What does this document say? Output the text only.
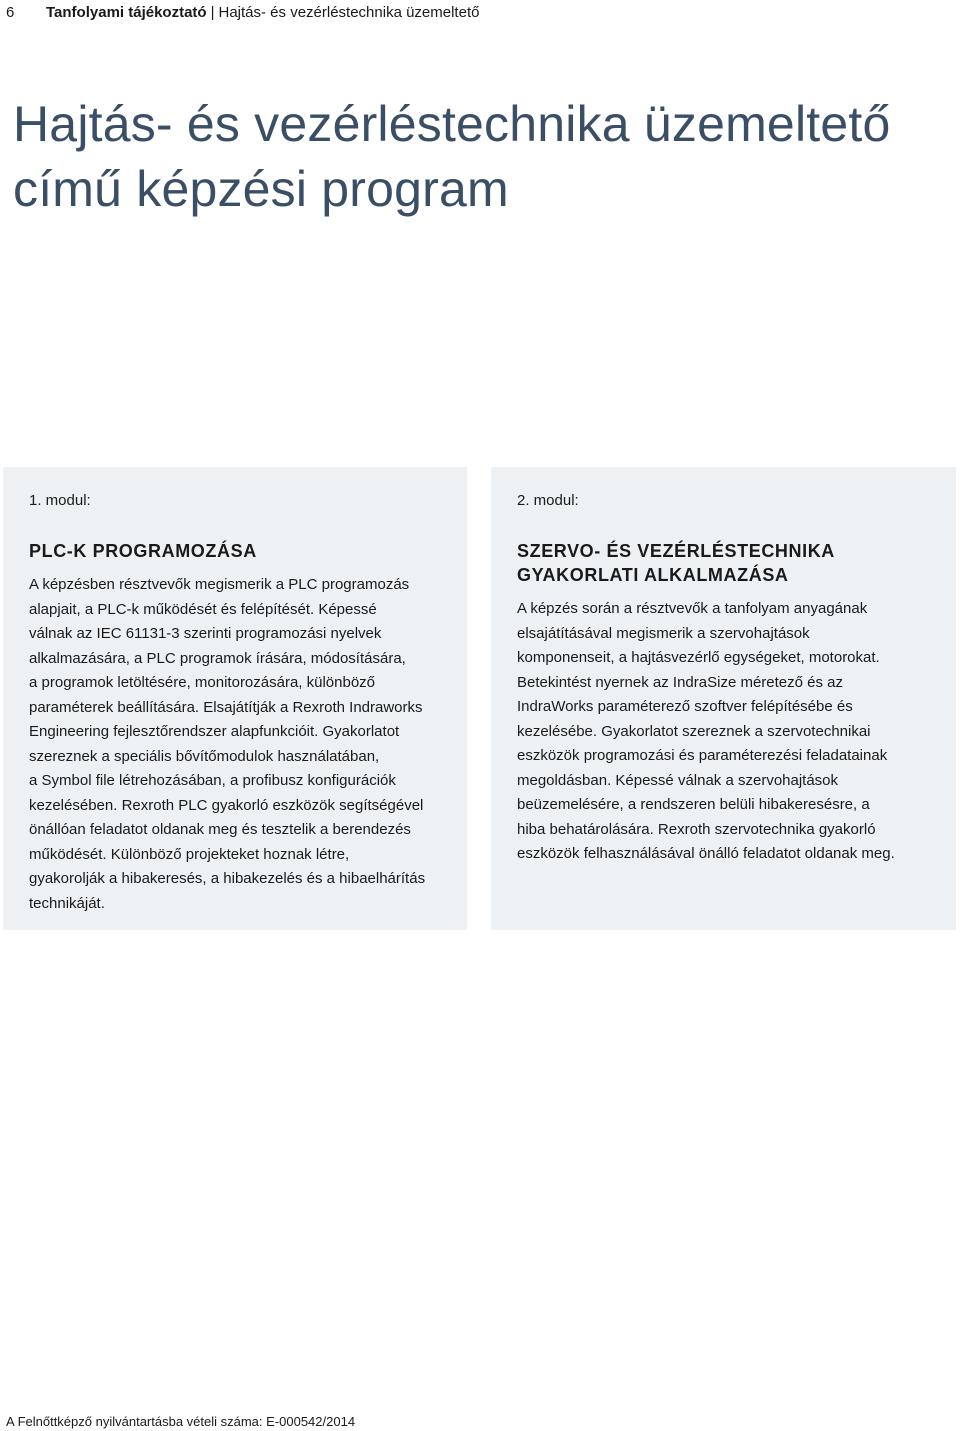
6 Tanfolyami tájékoztató | Hajtás- és vezérléstechnika üzemeltető
Hajtás- és vezérléstechnika üzemeltető
című képzési program

1. modul:

PLC-K PROGRAMOZÁSA

A képzésben résztvevők megismerik a PLC programozás
alapjait, a PLC-k működését és felépítését. Képessé
válnak az IEC 61131-3 szerinti programozási nyelvek
alkalmazására, a PLC programok írására, módosítására,
a programok letöltésére, monitorozására, különböző
paraméterek beállítására. Elsajátítják a Rexroth Indraworks
Engineering fejlesztőrendszer alapfunkcióit. Gyakorlatot
szereznek a speciális bővítőmodulok használatában,
a Symbol file létrehozásában, a profibusz konfigurációk
kezelésében. Rexroth PLC gyakorló eszközök segítségével
önállóan feladatot oldanak meg és tesztelik a berendezés
működését. Különböző projekteket hoznak létre,
gyakorolják a hibakeresés, a hibakezelés és a hibaelhárítás
technikáját.

2. modul:

SZERVO- ÉS VEZÉRLÉSTECHNIKA
GYAKORLATI ALKALMAZÁSA

A képzés során a résztvevők a tanfolyam anyagának
elsajátításával megismerik a szervohajtások
komponenseit, a hajtásvezérlő egységeket, motorokat.
Betekintést nyernek az IndraSize méretező és az
IndraWorks paraméterező szoftver felépítésébe és
kezelésébe. Gyakorlatot szereznek a szervotechnikai
eszközök programozási és paraméterezési feladatainak
megoldásban. Képessé válnak a szervohajtások
beüzemelésére, a rendszeren belüli hibakeresésre, a
hiba behatárolására. Rexroth szervotechnika gyakorló
eszközök felhasználásával önálló feladatot oldanak meg.

A Felnőttképző nyilvántartásba vételi száma: E-000542/2014
